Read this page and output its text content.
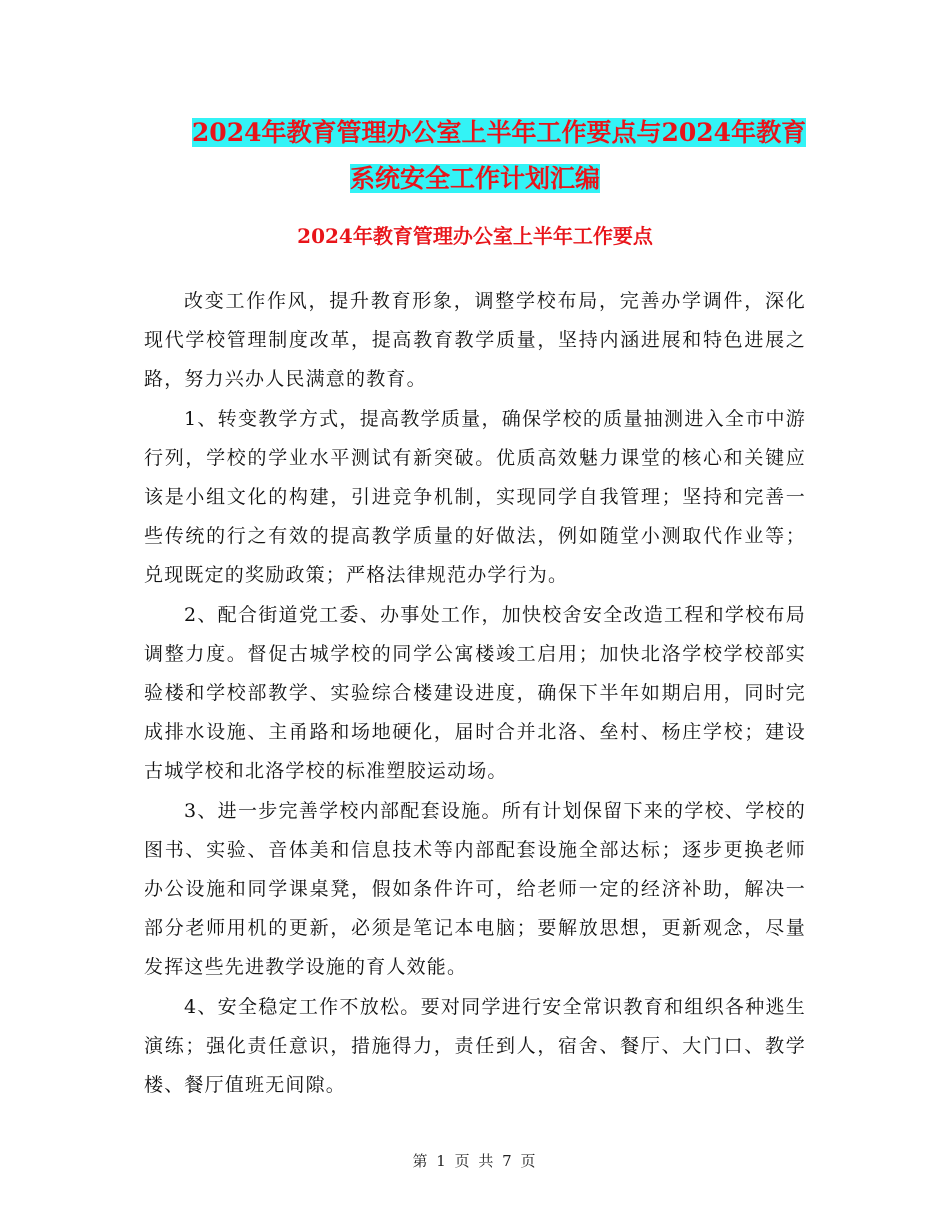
2024年教育管理办公室上半年工作要点与2024年教育
系统安全工作计划汇编
2024年教育管理办公室上半年工作要点

改变工作作风，提升教育形象，调整学校布局，完善办学调件，深化现代学校管理制度改革，提高教育教学质量，坚持内涵进展和特色进展之路，努力兴办人民满意的教育。

1、转变教学方式，提高教学质量，确保学校的质量抽测进入全市中游行列，学校的学业水平测试有新突破。优质高效魅力课堂的核心和关键应该是小组文化的构建，引进竞争机制，实现同学自我管理；坚持和完善一些传统的行之有效的提高教学质量的好做法，例如随堂小测取代作业等；兑现既定的奖励政策；严格法律规范办学行为。

2、配合街道党工委、办事处工作，加快校舍安全改造工程和学校布局调整力度。督促古城学校的同学公寓楼竣工启用；加快北洛学校学校部实验楼和学校部教学、实验综合楼建设进度，确保下半年如期启用，同时完成排水设施、主甬路和场地硬化，届时合并北洛、垒村、杨庄学校；建设古城学校和北洛学校的标准塑胶运动场。

3、进一步完善学校内部配套设施。所有计划保留下来的学校、学校的图书、实验、音体美和信息技术等内部配套设施全部达标；逐步更换老师办公设施和同学课桌凳，假如条件许可，给老师一定的经济补助，解决一部分老师用机的更新，必须是笔记本电脑；要解放思想，更新观念，尽量发挥这些先进教学设施的育人效能。

4、安全稳定工作不放松。要对同学进行安全常识教育和组织各种逃生演练；强化责任意识，措施得力，责任到人，宿舍、餐厅、大门口、教学楼、餐厅值班无间隙。

第 1 页 共 7 页
